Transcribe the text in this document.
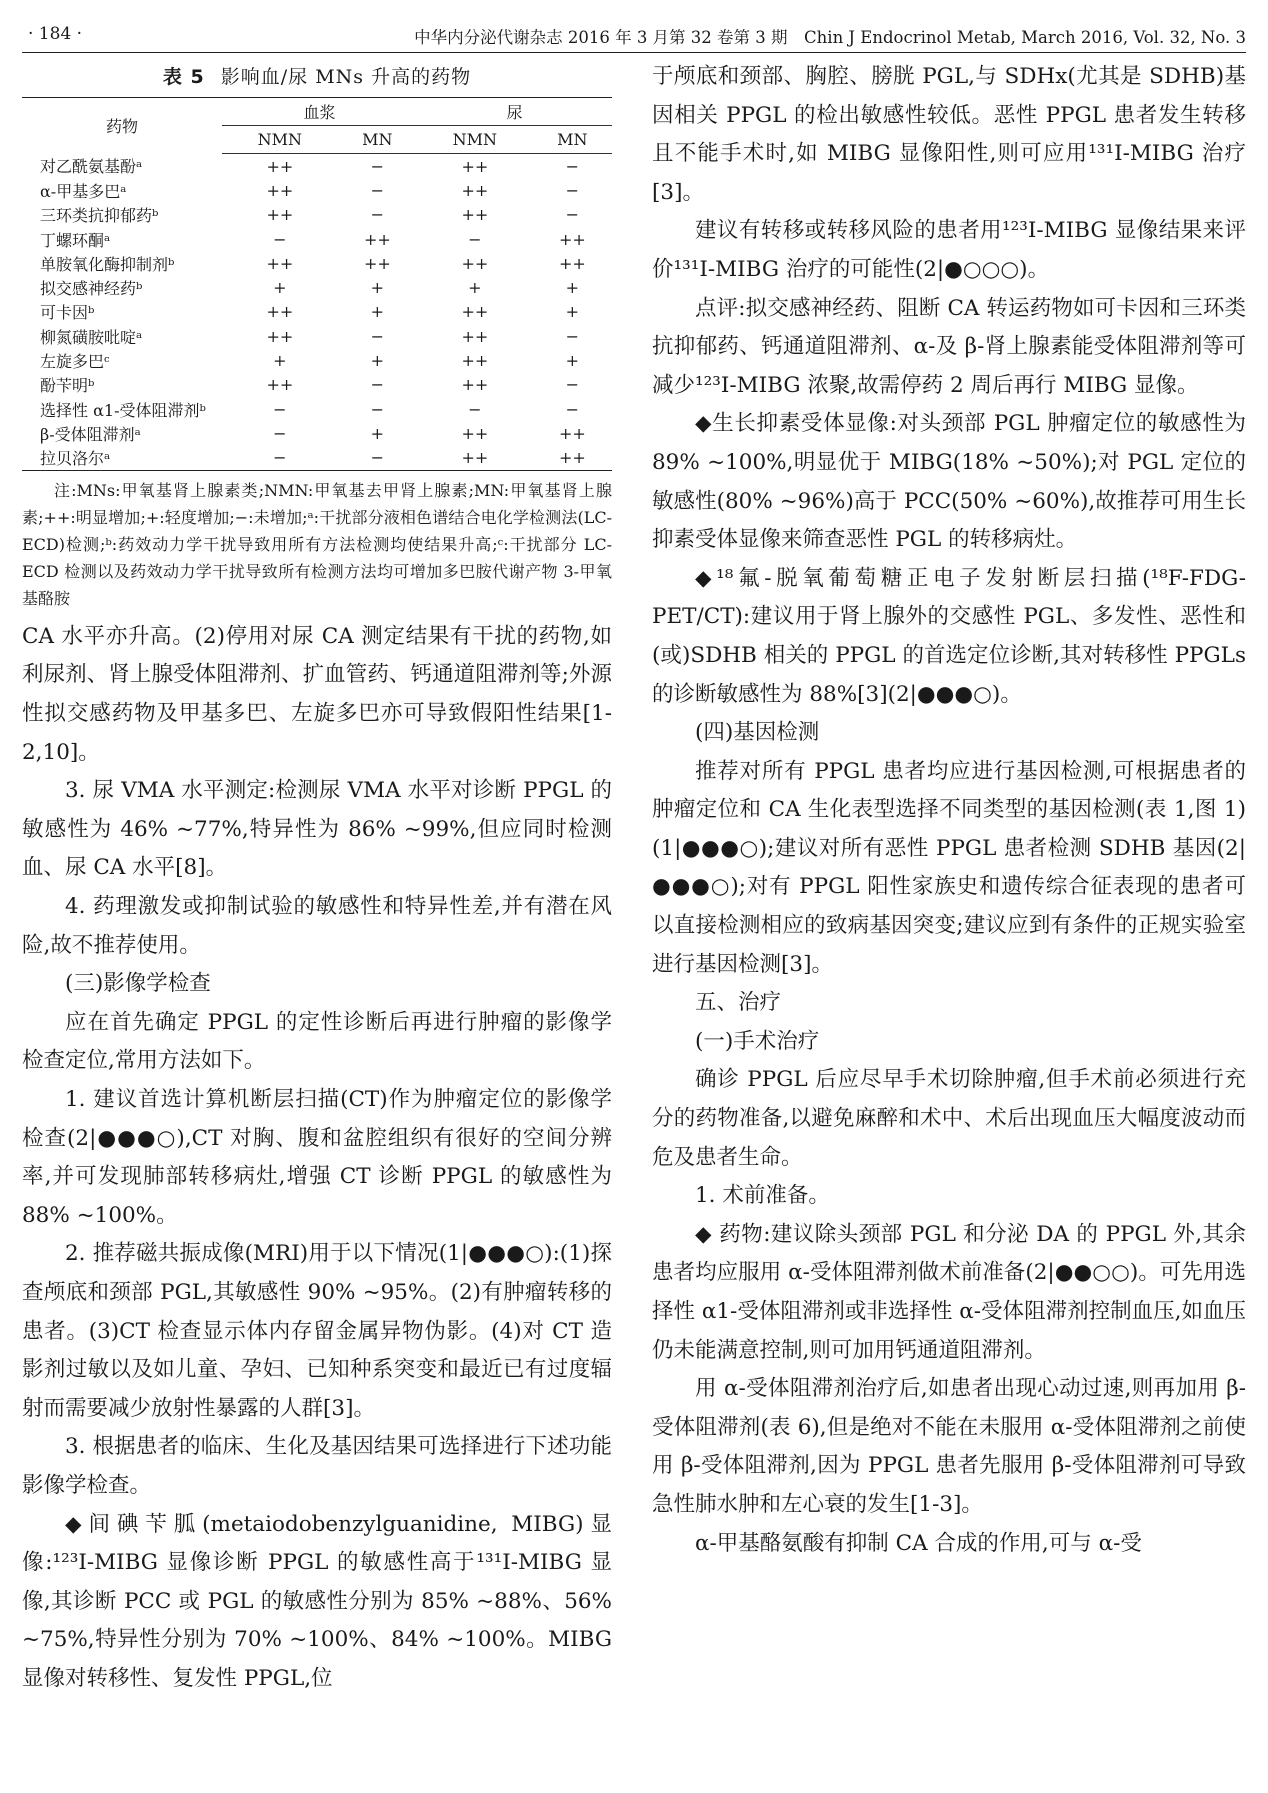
· 184 ·	中华内分泌代谢杂志 2016 年 3 月第 32 卷第 3 期　Chin J Endocrinol Metab, March 2016, Vol. 32, No. 3
表 5 影响血/尿 MNs 升高的药物
药物	血浆		尿	
	NMN	MN	NMN	MN
对乙酰氨基酚ᵃ	++	−	++	−
α-甲基多巴ᵃ	++	−	++	−
三环类抗抑郁药ᵇ	++	−	++	−
丁螺环酮ᵃ	−	++	−	++
单胺氧化酶抑制剂ᵇ	++	++	++	++
拟交感神经药ᵇ	+	+	+	+
可卡因ᵇ	++	+	++	+
柳氮磺胺吡啶ᵃ	++	−	++	−
左旋多巴ᶜ	+	+	++	+
酚苄明ᵇ	++	−	++	−
选择性 α1-受体阻滞剂ᵇ	−	−	−	−
β-受体阻滞剂ᵃ	−	+	++	++
拉贝洛尔ᵃ	−	−	++	++

注:MNs:甲氧基肾上腺素类;NMN:甲氧基去甲肾上腺素;MN:甲氧基肾上腺素;++:明显增加;+:轻度增加;−:未增加;ᵃ:干扰部分液相色谱结合电化学检测法(LC-ECD)检测;ᵇ:药效动力学干扰导致用所有方法检测均使结果升高;ᶜ:干扰部分 LC-ECD 检测以及药效动力学干扰导致所有检测方法均可增加多巴胺代谢产物 3-甲氧基酪胺

CA 水平亦升高。(2)停用对尿 CA 测定结果有干扰的药物,如利尿剂、肾上腺受体阻滞剂、扩血管药、钙通道阻滞剂等;外源性拟交感药物及甲基多巴、左旋多巴亦可导致假阳性结果[1-2,10]。

3. 尿 VMA 水平测定:检测尿 VMA 水平对诊断 PPGL 的敏感性为 46% ~77%,特异性为 86% ~99%,但应同时检测血、尿 CA 水平[8]。

4. 药理激发或抑制试验的敏感性和特异性差,并有潜在风险,故不推荐使用。

(三)影像学检查

应在首先确定 PPGL 的定性诊断后再进行肿瘤的影像学检查定位,常用方法如下。

1. 建议首选计算机断层扫描(CT)作为肿瘤定位的影像学检查(2|●●●○),CT 对胸、腹和盆腔组织有很好的空间分辨率,并可发现肺部转移病灶,增强 CT 诊断 PPGL 的敏感性为 88% ~100%。

2. 推荐磁共振成像(MRI)用于以下情况(1|●●●○):(1)探查颅底和颈部 PGL,其敏感性 90% ~95%。(2)有肿瘤转移的患者。(3)CT 检查显示体内存留金属异物伪影。(4)对 CT 造影剂过敏以及如儿童、孕妇、已知种系突变和最近已有过度辐射而需要减少放射性暴露的人群[3]。

3. 根据患者的临床、生化及基因结果可选择进行下述功能影像学检查。

◆间碘苄胍(metaiodobenzylguanidine, MIBG)显像:¹²³I-MIBG 显像诊断 PPGL 的敏感性高于¹³¹I-MIBG 显像,其诊断 PCC 或 PGL 的敏感性分别为 85% ~88%、56% ~75%,特异性分别为 70% ~100%、84% ~100%。MIBG 显像对转移性、复发性 PPGL,位

于颅底和颈部、胸腔、膀胱 PGL,与 SDHx(尤其是 SDHB)基因相关 PPGL 的检出敏感性较低。恶性 PPGL 患者发生转移且不能手术时,如 MIBG 显像阳性,则可应用¹³¹I-MIBG 治疗[3]。

建议有转移或转移风险的患者用¹²³I-MIBG 显像结果来评价¹³¹I-MIBG 治疗的可能性(2|●○○○)。

点评:拟交感神经药、阻断 CA 转运药物如可卡因和三环类抗抑郁药、钙通道阻滞剂、α-及 β-肾上腺素能受体阻滞剂等可减少¹²³I-MIBG 浓聚,故需停药 2 周后再行 MIBG 显像。

◆生长抑素受体显像:对头颈部 PGL 肿瘤定位的敏感性为 89% ~100%,明显优于 MIBG(18% ~50%);对 PGL 定位的敏感性(80% ~96%)高于 PCC(50% ~60%),故推荐可用生长抑素受体显像来筛查恶性 PGL 的转移病灶。

◆¹⁸氟-脱氧葡萄糖正电子发射断层扫描(¹⁸F-FDG-PET/CT):建议用于肾上腺外的交感性 PGL、多发性、恶性和(或)SDHB 相关的 PPGL 的首选定位诊断,其对转移性 PPGLs 的诊断敏感性为 88%[3](2|●●●○)。

(四)基因检测

推荐对所有 PPGL 患者均应进行基因检测,可根据患者的肿瘤定位和 CA 生化表型选择不同类型的基因检测(表 1,图 1)(1|●●●○);建议对所有恶性 PPGL 患者检测 SDHB 基因(2|●●●○);对有 PPGL 阳性家族史和遗传综合征表现的患者可以直接检测相应的致病基因突变;建议应到有条件的正规实验室进行基因检测[3]。

五、治疗

(一)手术治疗

确诊 PPGL 后应尽早手术切除肿瘤,但手术前必须进行充分的药物准备,以避免麻醉和术中、术后出现血压大幅度波动而危及患者生命。

1. 术前准备。

◆ 药物:建议除头颈部 PGL 和分泌 DA 的 PPGL 外,其余患者均应服用 α-受体阻滞剂做术前准备(2|●●○○)。可先用选择性 α1-受体阻滞剂或非选择性 α-受体阻滞剂控制血压,如血压仍未能满意控制,则可加用钙通道阻滞剂。

用 α-受体阻滞剂治疗后,如患者出现心动过速,则再加用 β-受体阻滞剂(表 6),但是绝对不能在未服用 α-受体阻滞剂之前使用 β-受体阻滞剂,因为 PPGL 患者先服用 β-受体阻滞剂可导致急性肺水肿和左心衰的发生[1-3]。

α-甲基酪氨酸有抑制 CA 合成的作用,可与 α-受
